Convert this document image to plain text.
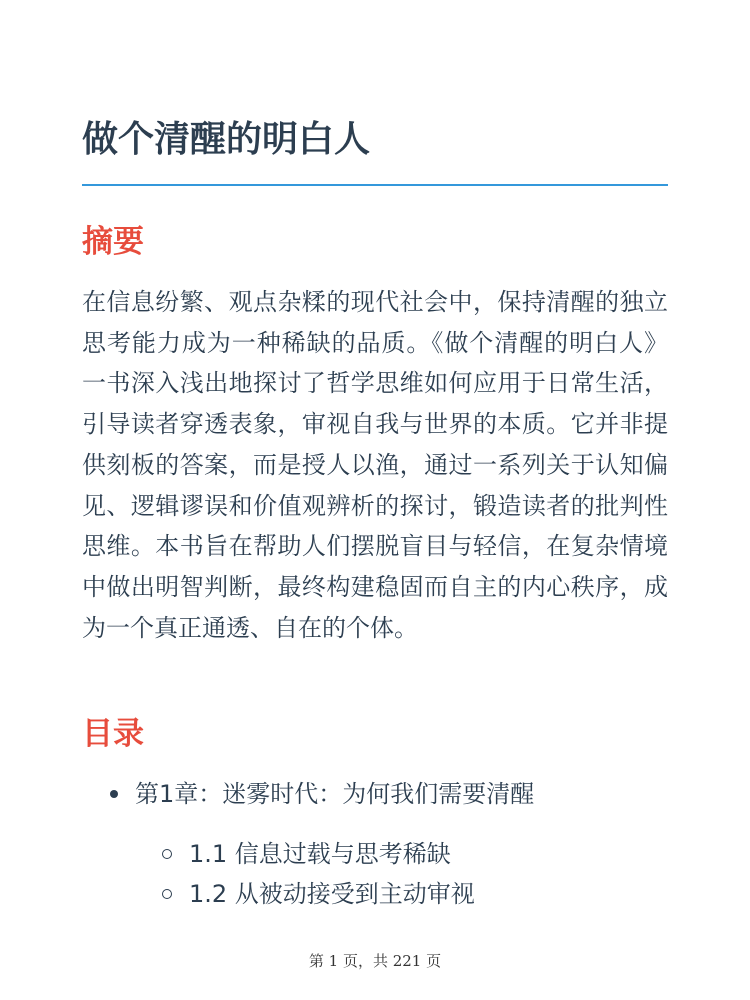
做个清醒的明白人
摘要

在信息纷繁、观点杂糅的现代社会中，保持清醒的独立思考能力成为一种稀缺的品质。《做个清醒的明白人》一书深入浅出地探讨了哲学思维如何应用于日常生活，引导读者穿透表象，审视自我与世界的本质。它并非提供刻板的答案，而是授人以渔，通过一系列关于认知偏见、逻辑谬误和价值观辨析的探讨，锻造读者的批判性思维。本书旨在帮助人们摆脱盲目与轻信，在复杂情境中做出明智判断，最终构建稳固而自主的内心秩序，成为一个真正通透、自在的个体。

目录
第1章：迷雾时代：为何我们需要清醒
1.1 信息过载与思考稀缺
1.2 从被动接受到主动审视
第 1 页，共 221 页
